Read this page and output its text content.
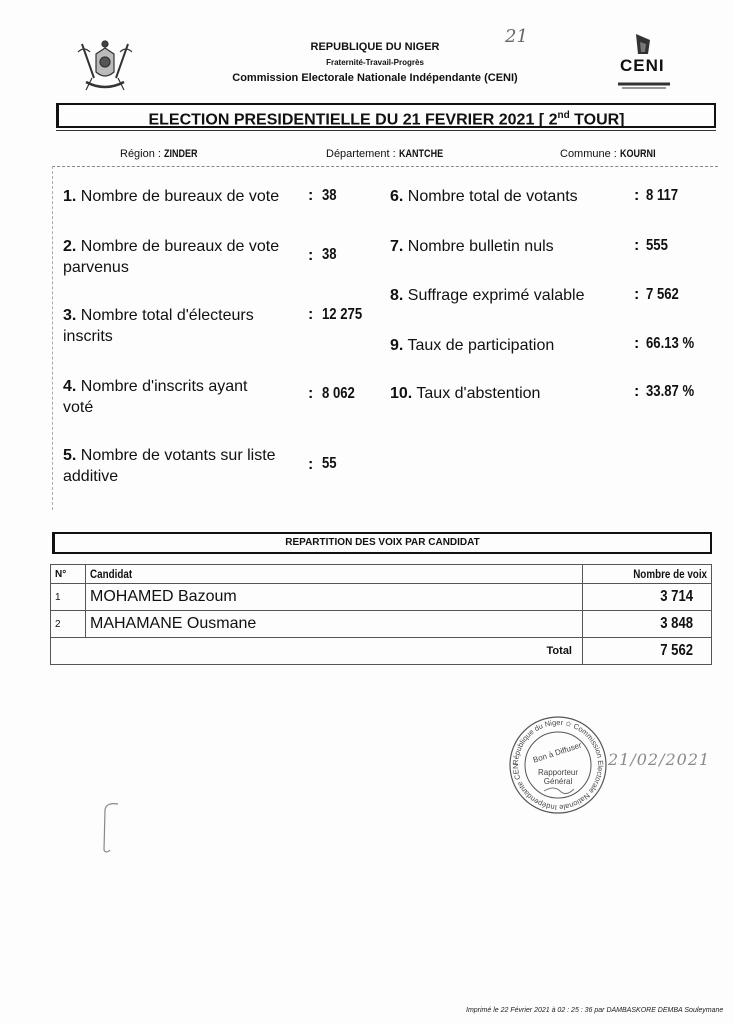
REPUBLIQUE DU NIGER
Fraternité-Travail-Progrès
Commission Electorale Nationale Indépendante (CENI)
21
CENI
ELECTION PRESIDENTIELLE DU 21 FEVRIER 2021 [ 2nd TOUR]
Région : ZINDER	Département : KANTCHE	Commune : KOURNI
1. Nombre de bureaux de vote : 38
2. Nombre de bureaux de vote
parvenus
: 38
3. Nombre total d'électeurs
inscrits
: 12 275
4. Nombre d'inscrits ayant
voté
: 8 062
5. Nombre de votants sur liste
additive
: 55
6. Nombre total de votants	: 8 117
7. Nombre bulletin nuls	: 555
8. Suffrage exprimé valable	: 7 562
9. Taux de participation	: 66.13 %
10. Taux d'abstention	: 33.87 %
REPARTITION DES VOIX PAR CANDIDAT
N°	Candidat	Nombre de voix
1	MOHAMED Bazoum	3 714
2	MAHAMANE Ousmane	3 848
Total		7 562
République du Niger ✩ Commission Electorale Nationale Indépendante CEN
Bon à Diffuser
Rapporteur
Général
21/02/2021
Imprimé le 22 Février 2021 à 02 : 25 : 36 par DAMBASKORE DEMBA Souleymane
